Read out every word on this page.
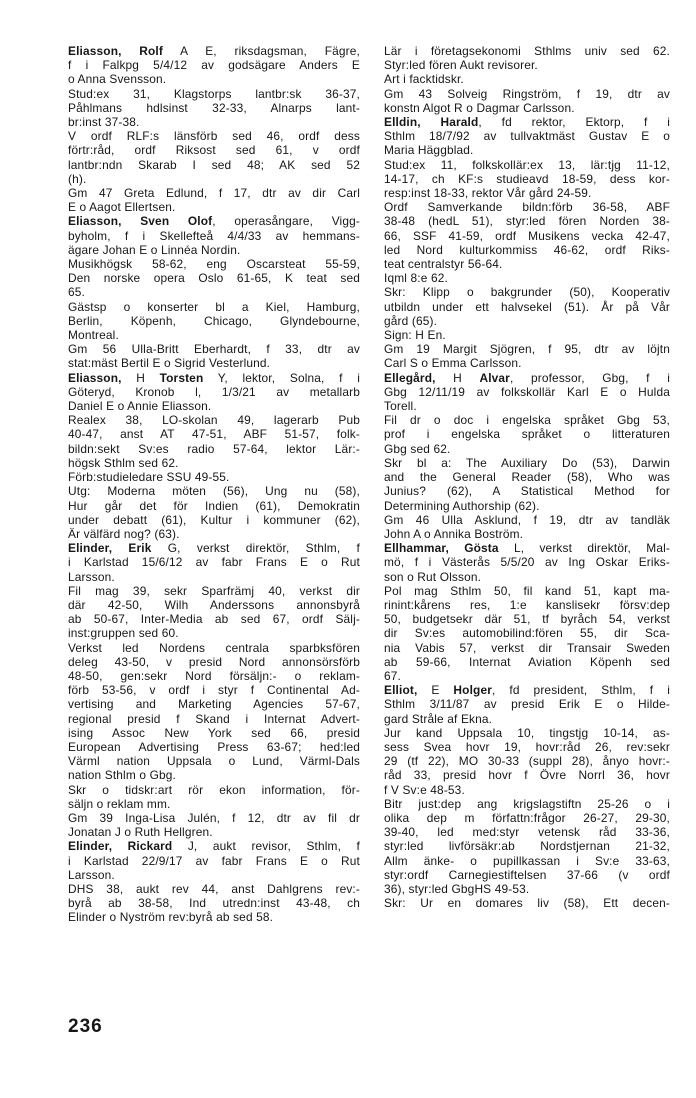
Eliasson, Rolf A E, riksdagsman, Fägre,
f i Falkpg 5/4/12 av godsägare Anders E
o Anna Svensson.
Stud:ex 31, Klagstorps lantbr:sk 36-37,
Påhlmans hdlsinst 32-33, Alnarps lant-
br:inst 37-38.
V ordf RLF:s länsförb sed 46, ordf dess
förtr:råd, ordf Riksost sed 61, v ordf
lantbr:ndn Skarab I sed 48; AK sed 52
(h).
Gm 47 Greta Edlund, f 17, dtr av dir Carl
E o Aagot Ellertsen.
Eliasson, Sven Olof, operasångare, Vigg-
byholm, f i Skellefteå 4/4/33 av hemmans-
ägare Johan E o Linnéa Nordin.
Musikhögsk 58-62, eng Oscarsteat 55-59,
Den norske opera Oslo 61-65, K teat sed
65.
Gästsp o konserter bl a Kiel, Hamburg,
Berlin, Köpenh, Chicago, Glyndebourne,
Montreal.
Gm 56 Ulla-Britt Eberhardt, f 33, dtr av
stat:mäst Bertil E o Sigrid Vesterlund.
Eliasson, H Torsten Y, lektor, Solna, f i
Göteryd, Kronob l, 1/3/21 av metallarb
Daniel E o Annie Eliasson.
Realex 38, LO-skolan 49, lagerarb Pub
40-47, anst AT 47-51, ABF 51-57, folk-
bildn:sekt Sv:es radio 57-64, lektor Lär:-
högsk Sthlm sed 62.
Förb:studieledare SSU 49-55.
Utg: Moderna möten (56), Ung nu (58),
Hur går det för Indien (61), Demokratin
under debatt (61), Kultur i kommuner (62),
Är välfärd nog? (63).
Elinder, Erik G, verkst direktör, Sthlm, f
i Karlstad 15/6/12 av fabr Frans E o Rut
Larsson.
Fil mag 39, sekr Sparfrämj 40, verkst dir
där 42-50, Wilh Anderssons annonsbyrå
ab 50-67, Inter-Media ab sed 67, ordf Sälj-
inst:gruppen sed 60.
Verkst led Nordens centrala sparbksfören
deleg 43-50, v presid Nord annonsörsförb
48-50, gen:sekr Nord försäljn:- o reklam-
förb 53-56, v ordf i styr f Continental Ad-
vertising and Marketing Agencies 57-67,
regional presid f Skand i Internat Advert-
ising Assoc New York sed 66, presid
European Advertising Press 63-67; hed:led
Värml nation Uppsala o Lund, Värml-Dals
nation Sthlm o Gbg.
Skr o tidskr:art rör ekon information, för-
säljn o reklam mm.
Gm 39 Inga-Lisa Julén, f 12, dtr av fil dr
Jonatan J o Ruth Hellgren.
Elinder, Rickard J, aukt revisor, Sthlm, f
i Karlstad 22/9/17 av fabr Frans E o Rut
Larsson.
DHS 38, aukt rev 44, anst Dahlgrens rev:-
byrå ab 38-58, Ind utredn:inst 43-48, ch
Elinder o Nyström rev:byrå ab sed 58.
Lär i företagsekonomi Sthlms univ sed 62.
Styr:led fören Aukt revisorer.
Art i facktidskr.
Gm 43 Solveig Ringström, f 19, dtr av
konstn Algot R o Dagmar Carlsson.
Elldin, Harald, fd rektor, Ektorp, f i
Sthlm 18/7/92 av tullvaktmäst Gustav E o
Maria Häggblad.
Stud:ex 11, folkskollär:ex 13, lär:tjg 11-12,
14-17, ch KF:s studieavd 18-59, dess kor-
resp:inst 18-33, rektor Vår gård 24-59.
Ordf Samverkande bildn:förb 36-58, ABF
38-48 (hedL 51), styr:led fören Norden 38-
66, SSF 41-59, ordf Musikens vecka 42-47,
led Nord kulturkommiss 46-62, ordf Riks-
teat centralstyr 56-64.
Iqml 8:e 62.
Skr: Klipp o bakgrunder (50), Kooperativ
utbildn under ett halvsekel (51). År på Vår
gård (65).
Sign: H En.
Gm 19 Margit Sjögren, f 95, dtr av löjtn
Carl S o Emma Carlsson.
Ellegård, H Alvar, professor, Gbg, f i
Gbg 12/11/19 av folkskollär Karl E o Hulda
Torell.
Fil dr o doc i engelska språket Gbg 53,
prof i engelska språket o litteraturen
Gbg sed 62.
Skr bl a: The Auxiliary Do (53), Darwin
and the General Reader (58), Who was
Junius? (62), A Statistical Method for
Determining Authorship (62).
Gm 46 Ulla Asklund, f 19, dtr av tandläk
John A o Annika Boström.
Ellhammar, Gösta L, verkst direktör, Mal-
mö, f i Västerås 5/5/20 av Ing Oskar Eriks-
son o Rut Olsson.
Pol mag Sthlm 50, fil kand 51, kapt ma-
rinint:kårens res, 1:e kanslisekr försv:dep
50, budgetsekr där 51, tf byråch 54, verkst
dir Sv:es automobilind:fören 55, dir Sca-
nia Vabis 57, verkst dir Transair Sweden
ab 59-66, Internat Aviation Köpenh sed
67.
Elliot, E Holger, fd president, Sthlm, f i
Sthlm 3/11/87 av presid Erik E o Hilde-
gard Stråle af Ekna.
Jur kand Uppsala 10, tingstjg 10-14, as-
sess Svea hovr 19, hovr:råd 26, rev:sekr
29 (tf 22), MO 30-33 (suppl 28), ånyo hovr:-
råd 33, presid hovr f Övre Norrl 36, hovr
f V Sv:e 48-53.
Bitr just:dep ang krigslagstiftn 25-26 o i
olika dep m författn:frågor 26-27, 29-30,
39-40, led med:styr vetensk råd 33-36,
styr:led livförsäkr:ab Nordstjernan 21-32,
Allm änke- o pupillkassan i Sv:e 33-63,
styr:ordf Carnegiestiftelsen 37-66 (v ordf
36), styr:led GbgHS 49-53.
Skr: Ur en domares liv (58), Ett decen-
236
